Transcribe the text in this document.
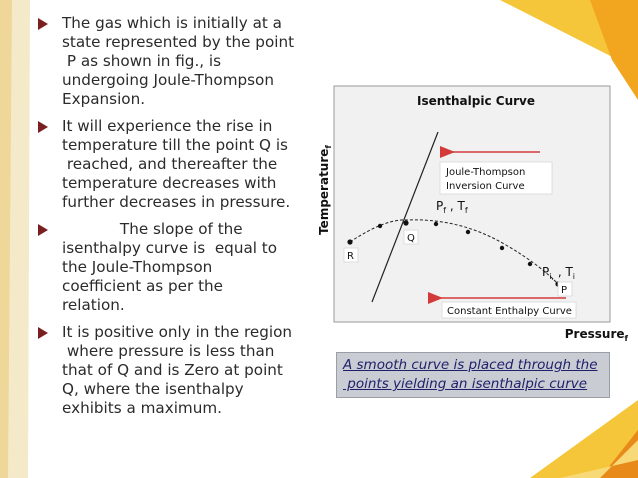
The gas which is initially at a
state represented by the point
P as shown in fig., is
undergoing Joule-Thompson
Expansion.
It will experience the rise in
temperature till the point Q is
reached, and thereafter the
temperature decreases with
further decreases in pressure.
The slope of the
isenthalpy curve is  equal to
the Joule-Thompson
coefficient as per the
relation.
It is positive only in the region
where pressure is less than
that of Q and is Zero at point
Q, where the isenthalpy
exhibits a maximum.
Isenthalpic Curve
Temperature$_f$
Joule-Thompson
Inversion Curve
$P_f$ , $T_f$
Q
R
$P_{i,}$ , $T_i$
P
Constant Enthalpy Curve
Pressure$_f$
A smooth curve is placed through the
points yielding an isenthalpic curve
